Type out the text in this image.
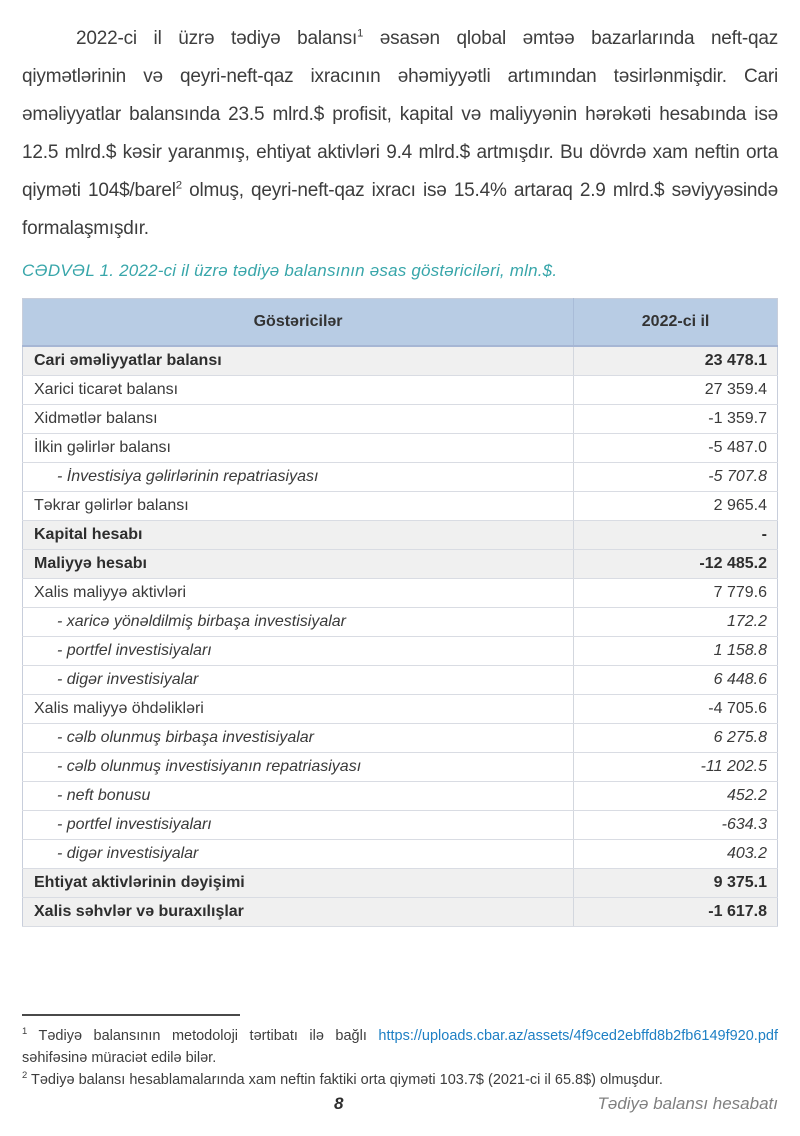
2022-ci il üzrə tədiyə balansı$^1$ əsasən qlobal əmtəə bazarlarında neft-qaz qiymətlərinin və qeyri-neft-qaz ixracının əhəmiyyətli artımından təsirlənmişdir. Cari əməliyyatlar balansında 23.5 mlrd.$ profisit, kapital və maliyyənin hərəkəti hesabında isə 12.5 mlrd.$ kəsir yaranmış, ehtiyat aktivləri 9.4 mlrd.$ artmışdır. Bu dövrdə xam neftin orta qiyməti 104$/barel$^2$ olmuş, qeyri-neft-qaz ixracı isə 15.4% artaraq 2.9 mlrd.$ səviyyəsində formalaşmışdır.

CƏDVƏL 1. 2022-ci il üzrə tədiyə balansının əsas göstəriciləri, mln.$.

Göstəricilər	2022-ci il
Cari əməliyyatlar balansı	23 478.1
Xarici ticarət balansı	27 359.4
Xidmətlər balansı	-1 359.7
İlkin gəlirlər balansı	-5 487.0
- İnvestisiya gəlirlərinin repatriasiyası	-5 707.8
Təkrar gəlirlər balansı	2 965.4
Kapital hesabı	-
Maliyyə hesabı	-12 485.2
Xalis maliyyə aktivləri	7 779.6
- xaricə yönəldilmiş birbaşa investisiyalar	172.2
- portfel investisiyaları	1 158.8
- digər investisiyalar	6 448.6
Xalis maliyyə öhdəlikləri	-4 705.6
- cəlb olunmuş birbaşa investisiyalar	6 275.8
- cəlb olunmuş investisiyanın repatriasiyası	-11 202.5
- neft bonusu	452.2
- portfel investisiyaları	-634.3
- digər investisiyalar	403.2
Ehtiyat aktivlərinin dəyişimi	9 375.1
Xalis səhvlər və buraxılışlar	-1 617.8

$^1$ Tədiyə balansının metodoloji tərtibatı ilə bağlı https://uploads.cbar.az/assets/4f9ced2ebffd8b2fb6149f920.pdf səhifəsinə müraciət edilə bilər.

$^2$ Tədiyə balansı hesablamalarında xam neftin faktiki orta qiyməti 103.7$ (2021-ci il 65.8$) olmuşdur.

8	Tədiyə balansı hesabatı
